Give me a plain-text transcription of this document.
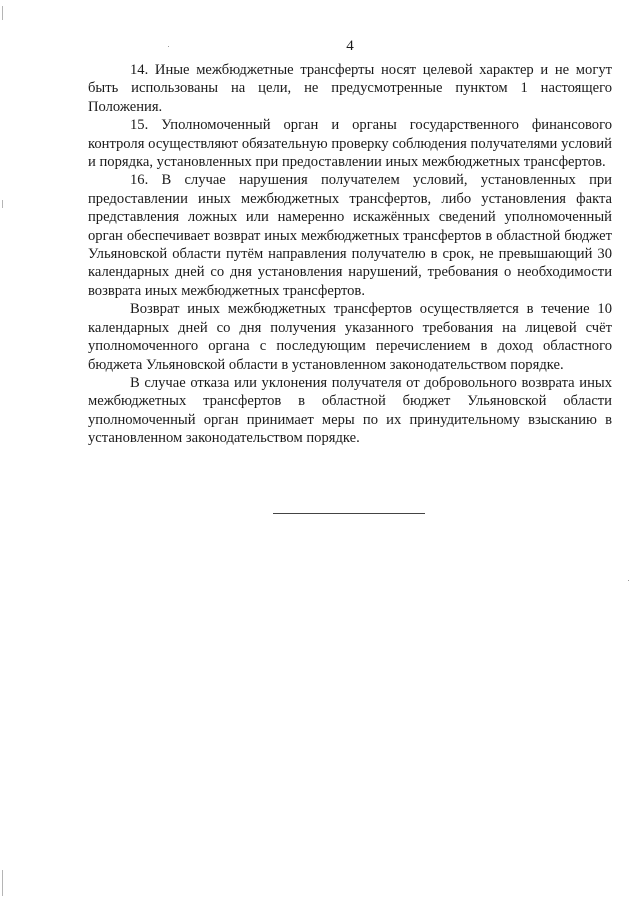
4

14. Иные межбюджетные трансферты носят целевой характер и не могут быть использованы на цели, не предусмотренные пунктом 1 настоящего Положения.

15. Уполномоченный орган и органы государственного финансового контроля осуществляют обязательную проверку соблюдения получателями условий и порядка, установленных при предоставлении иных межбюджетных трансфертов.

16. В случае нарушения получателем условий, установленных при предоставлении иных межбюджетных трансфертов, либо установления факта представления ложных или намеренно искажённых сведений уполномоченный орган обеспечивает возврат иных межбюджетных трансфертов в областной бюджет Ульяновской области путём направления получателю в срок, не превышающий 30 календарных дней со дня установления нарушений, требования о необходимости возврата иных межбюджетных трансфертов.

Возврат иных межбюджетных трансфертов осуществляется в течение 10 календарных дней со дня получения указанного требования на лицевой счёт уполномоченного органа с последующим перечислением в доход областного бюджета Ульяновской области в установленном законодательством порядке.

В случае отказа или уклонения получателя от добровольного возврата иных межбюджетных трансфертов в областной бюджет Ульяновской области уполномоченный орган принимает меры по их принудительному взысканию в установленном законодательством порядке.
